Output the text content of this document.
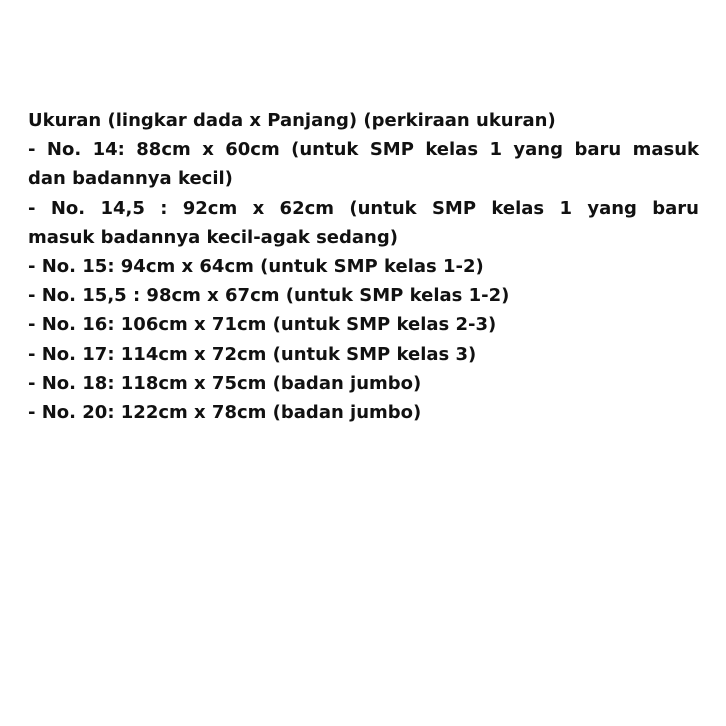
Ukuran (lingkar dada x Panjang) (perkiraan ukuran)

- No. 14: 88cm x 60cm (untuk SMP kelas 1 yang baru masuk
dan badannya kecil)

- No. 14,5 : 92cm x 62cm (untuk SMP kelas 1 yang baru
masuk badannya kecil-agak sedang)

- No. 15: 94cm x 64cm (untuk SMP kelas 1-2)

- No. 15,5 : 98cm x 67cm (untuk SMP kelas 1-2)

- No. 16: 106cm x 71cm (untuk SMP kelas 2-3)

- No. 17: 114cm x 72cm (untuk SMP kelas 3)

- No. 18: 118cm x 75cm (badan jumbo)

- No. 20: 122cm x 78cm (badan jumbo)
